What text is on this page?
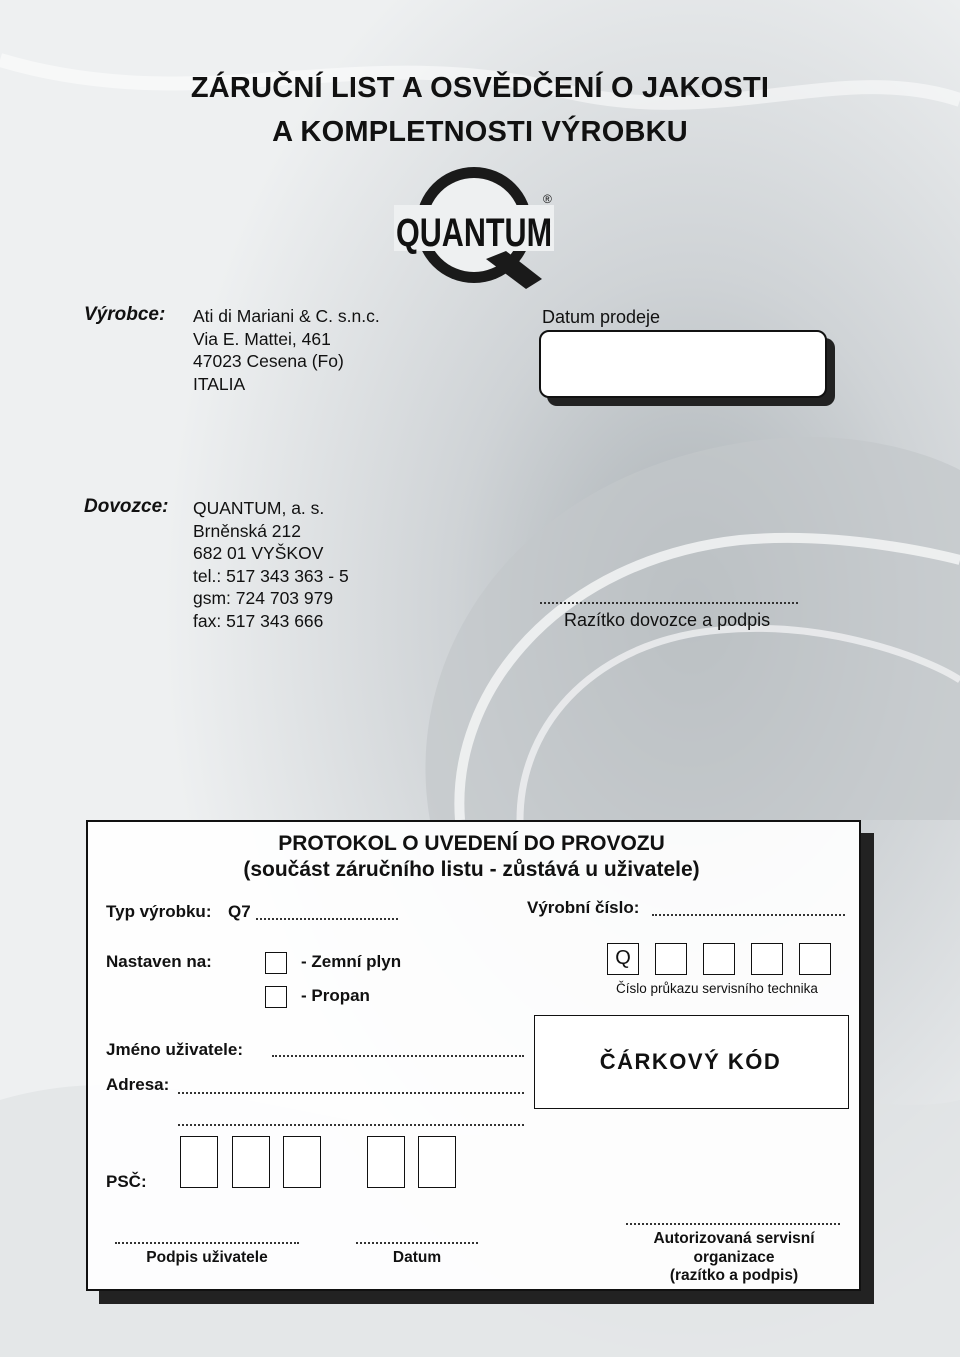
ZÁRUČNÍ LIST A OSVĚDČENÍ O JAKOSTI
A KOMPLETNOSTI VÝROBKU
QUANTUM
®
Výrobce: Ati di Mariani & C. s.n.c.
Via E. Mattei, 461
47023 Cesena (Fo)
ITALIA
Datum prodeje
Dovozce: QUANTUM, a. s.
Brněnská 212
682 01 VYŠKOV
tel.: 517 343 363 - 5
gsm: 724 703 979
fax: 517 343 666	Razítko dovozce a podpis
PROTOKOL O UVEDENÍ DO PROVOZU
(součást záručního listu - zůstává u uživatele)
Typ výrobku: Q7	Výrobní číslo:
Nastaven na:	- Zemní plyn
- Propan
Q
Číslo průkazu servisního technika
ČÁRKOVÝ KÓD
Jméno uživatele:
Adresa:
PSČ:
Podpis uživatele	Datum
Autorizovaná servisní
organizace
(razítko a podpis)
